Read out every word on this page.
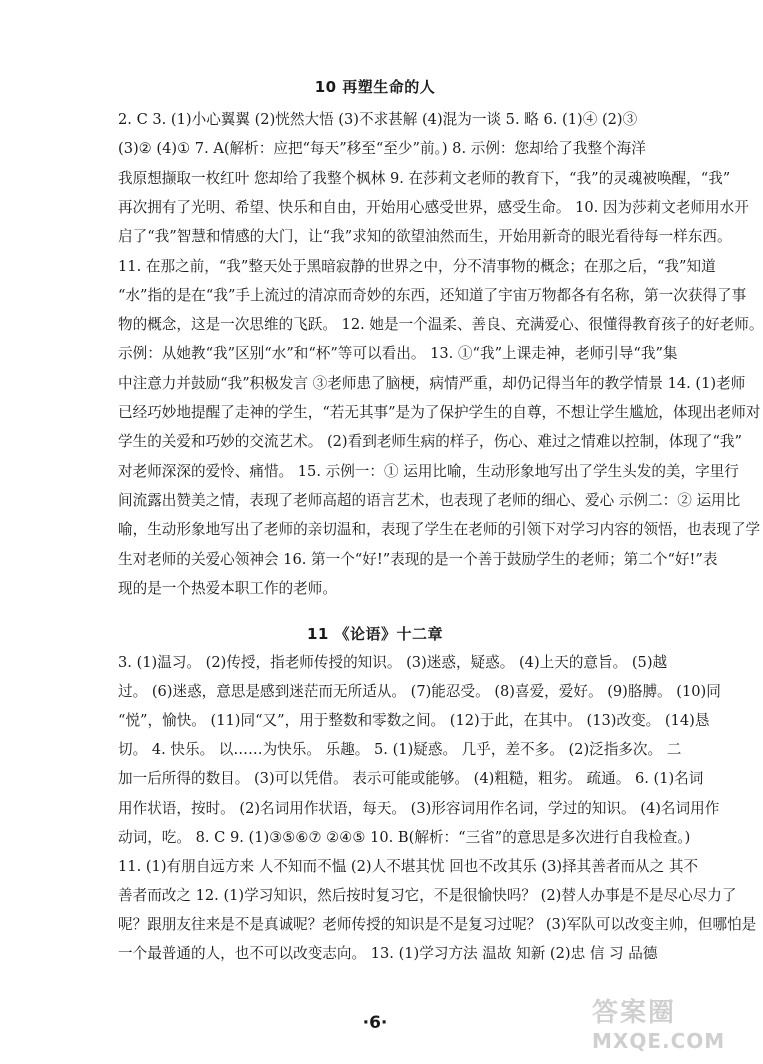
10 再塑生命的人
2. C 3. (1)小心翼翼 (2)恍然大悟 (3)不求甚解 (4)混为一谈 5. 略 6. (1)④ (2)③
(3)② (4)① 7. A(解析：应把“每天”移至“至少”前。) 8. 示例：您却给了我整个海洋
我原想撷取一枚红叶 您却给了我整个枫林 9. 在莎莉文老师的教育下，“我”的灵魂被唤醒，“我”
再次拥有了光明、希望、快乐和自由，开始用心感受世界，感受生命。 10. 因为莎莉文老师用水开
启了“我”智慧和情感的大门，让“我”求知的欲望油然而生，开始用新奇的眼光看待每一样东西。
11. 在那之前，“我”整天处于黑暗寂静的世界之中，分不清事物的概念；在那之后，“我”知道
“水”指的是在“我”手上流过的清凉而奇妙的东西，还知道了宇宙万物都各有名称，第一次获得了事
物的概念，这是一次思维的飞跃。 12. 她是一个温柔、善良、充满爱心、很懂得教育孩子的好老师。
示例：从她教“我”区别“水”和“杯”等可以看出。 13. ①“我”上课走神，老师引导“我”集
中注意力并鼓励“我”积极发言 ③老师患了脑梗，病情严重，却仍记得当年的教学情景 14. (1)老师
已经巧妙地提醒了走神的学生，“若无其事”是为了保护学生的自尊，不想让学生尴尬，体现出老师对
学生的关爱和巧妙的交流艺术。 (2)看到老师生病的样子，伤心、难过之情难以控制，体现了“我”
对老师深深的爱怜、痛惜。 15. 示例一：① 运用比喻，生动形象地写出了学生头发的美，字里行
间流露出赞美之情，表现了老师高超的语言艺术，也表现了老师的细心、爱心 示例二：② 运用比
喻，生动形象地写出了老师的亲切温和，表现了学生在老师的引领下对学习内容的领悟，也表现了学
生对老师的关爱心领神会 16. 第一个“好!”表现的是一个善于鼓励学生的老师；第二个“好!”表
现的是一个热爱本职工作的老师。
11 《论语》十二章
3. (1)温习。 (2)传授，指老师传授的知识。 (3)迷惑，疑惑。 (4)上天的意旨。 (5)越
过。 (6)迷惑，意思是感到迷茫而无所适从。 (7)能忍受。 (8)喜爱，爱好。 (9)胳膊。 (10)同
“悦”，愉快。 (11)同“又”，用于整数和零数之间。 (12)于此，在其中。 (13)改变。 (14)恳
切。 4. 快乐。 以……为快乐。 乐趣。 5. (1)疑惑。 几乎，差不多。 (2)泛指多次。 二
加一后所得的数目。 (3)可以凭借。 表示可能或能够。 (4)粗糙，粗劣。 疏通。 6. (1)名词
用作状语，按时。 (2)名词用作状语，每天。 (3)形容词用作名词，学过的知识。 (4)名词用作
动词，吃。 8. C 9. (1)③⑤⑥⑦ ②④⑤ 10. B(解析：“三省”的意思是多次进行自我检查。)
11. (1)有朋自远方来 人不知而不愠 (2)人不堪其忧 回也不改其乐 (3)择其善者而从之 其不
善者而改之 12. (1)学习知识，然后按时复习它，不是很愉快吗？ (2)替人办事是不是尽心尽力了
呢？跟朋友往来是不是真诚呢？老师传授的知识是不是复习过呢？ (3)军队可以改变主帅，但哪怕是
一个最普通的人，也不可以改变志向。 13. (1)学习方法 温故 知新 (2)忠 信 习 品德
·6·	答案圈
MXQE.COM
